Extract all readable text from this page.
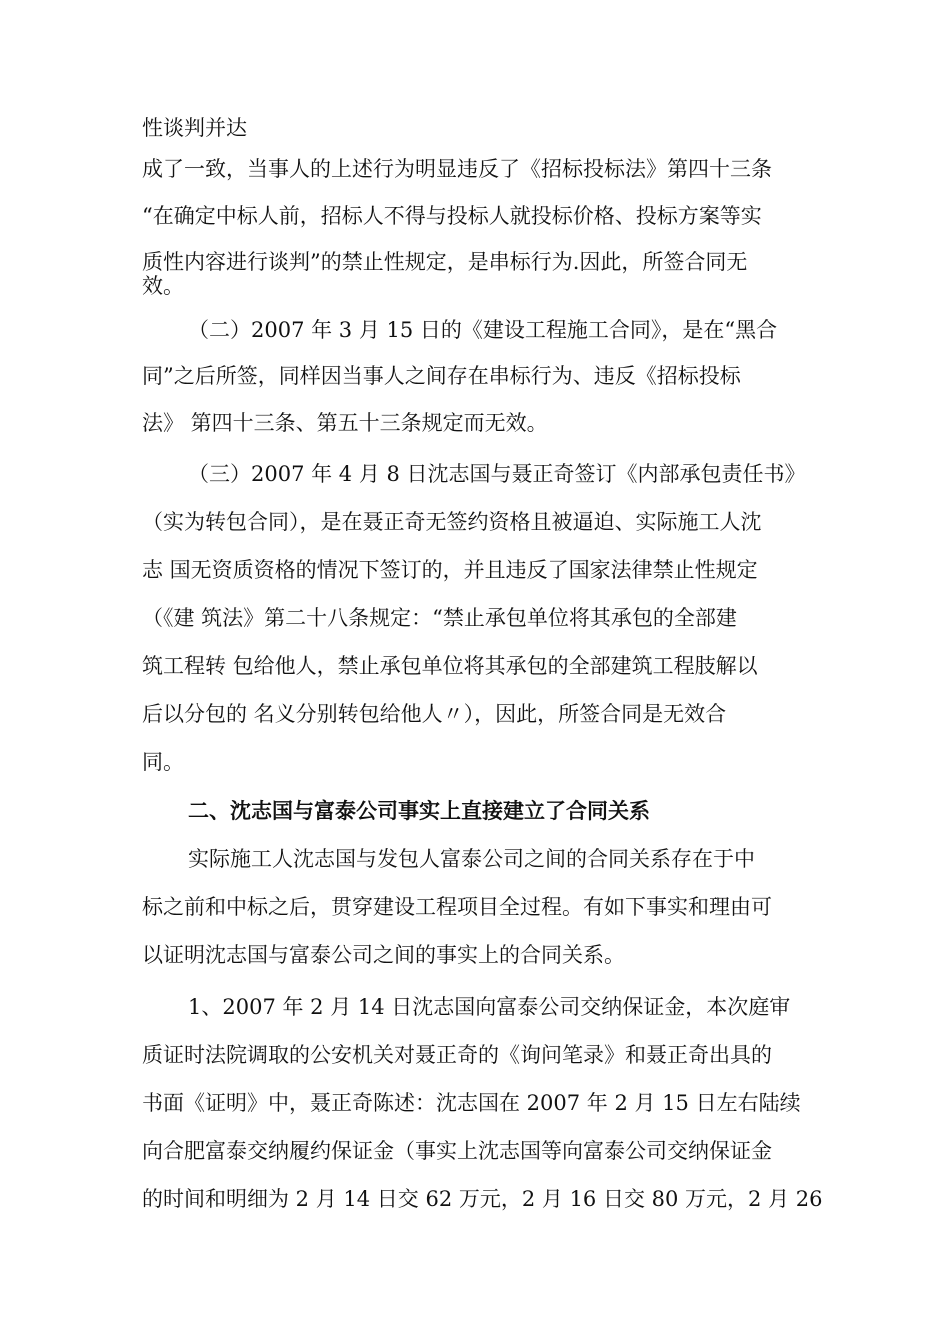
性谈判并达
成了一致，当事人的上述行为明显违反了《招标投标法》第四十三条
“在确定中标人前，招标人不得与投标人就投标价格、投标方案等实
质性内容进行谈判”的禁止性规定，是串标行为.因此，所签合同无
效。
（二）2007 年 3 月 15 日的《建设工程施工合同》，是在“黑合
同”之后所签，同样因当事人之间存在串标行为、违反《招标投标
法》 第四十三条、第五十三条规定而无效。
（三）2007 年 4 月 8 日沈志国与聂正奇签订《内部承包责任书》
（实为转包合同），是在聂正奇无签约资格且被逼迫、实际施工人沈
志 国无资质资格的情况下签订的，并且违反了国家法律禁止性规定
（《建 筑法》第二十八条规定：“禁止承包单位将其承包的全部建
筑工程转 包给他人，禁止承包单位将其承包的全部建筑工程肢解以
后以分包的 名义分别转包给他人〃），因此，所签合同是无效合
同。
二、沈志国与富泰公司事实上直接建立了合同关系
实际施工人沈志国与发包人富泰公司之间的合同关系存在于中
标之前和中标之后，贯穿建设工程项目全过程。有如下事实和理由可
以证明沈志国与富泰公司之间的事实上的合同关系。
1、2007 年 2 月 14 日沈志国向富泰公司交纳保证金，本次庭审
质证时法院调取的公安机关对聂正奇的《询问笔录》和聂正奇出具的
书面《证明》中，聂正奇陈述：沈志国在 2007 年 2 月 15 日左右陆续
向合肥富泰交纳履约保证金（事实上沈志国等向富泰公司交纳保证金
的时间和明细为 2 月 14 日交 62 万元，2 月 16 日交 80 万元，2 月 26
